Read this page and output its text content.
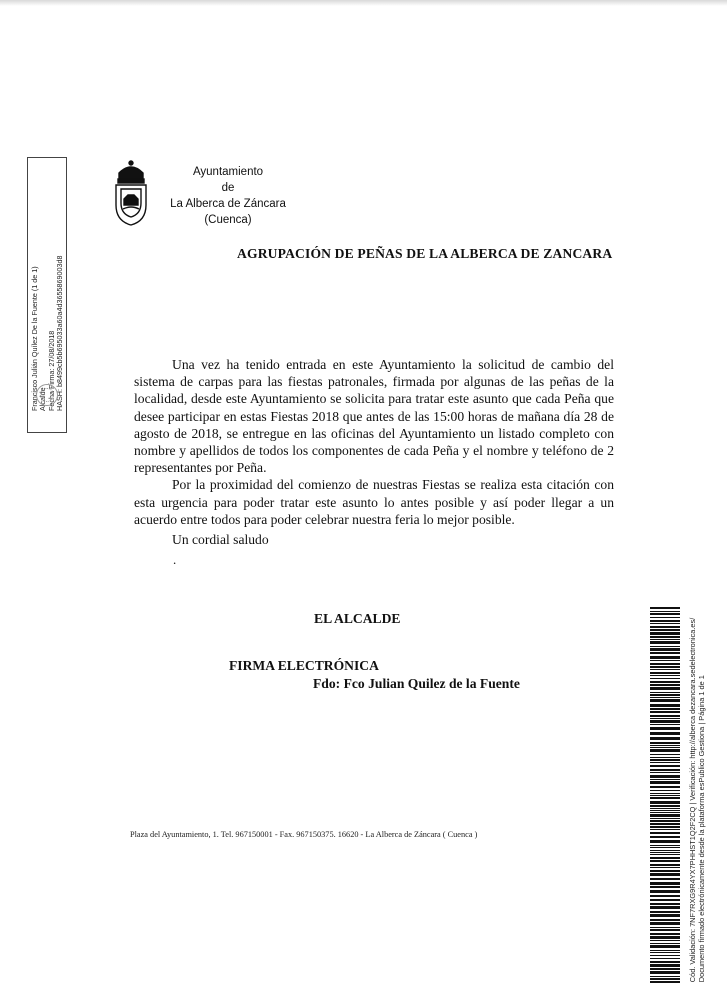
Francisco Julián Quílez De la Fuente (1 de 1) Alcalde Fecha Firma: 27/08/2018 HASH: b8499cb5b695033a60a4d3655869003d8
Ayuntamiento
de
La Alberca de Záncara
(Cuenca)
AGRUPACIÓN DE PEÑAS DE LA ALBERCA DE ZANCARA

Una vez ha tenido entrada en este Ayuntamiento la solicitud de cambio del sistema de carpas para las fiestas patronales, firmada por algunas de las peñas de la localidad, desde este Ayuntamiento se solicita para tratar este asunto que cada Peña que desee participar en estas Fiestas 2018 que antes de las 15:00 horas de mañana día 28 de agosto de 2018, se entregue en las oficinas del Ayuntamiento un listado completo con nombre y apellidos de todos los componentes de cada Peña y el nombre y teléfono de 2 representantes por Peña.

Por la proximidad del comienzo de nuestras Fiestas se realiza esta citación con esta urgencia para poder tratar este asunto lo antes posible y así poder llegar a un acuerdo entre todos para poder celebrar nuestra feria lo mejor posible.

Un cordial saludo
.
EL ALCALDE
FIRMA ELECTRÓNICA
Fdo: Fco Julian Quilez de la Fuente
Plaza del Ayuntamiento, 1. Tel. 967150001 - Fax. 967150375. 16620 - La Alberca de Záncara ( Cuenca )	Cód. Validación: 7NF7RXG9R4YX7PHHST1Q2F2CQ | Verificación: http://alberca dezancara.sedelectronica.es/ Documento firmado electrónicamente desde la plataforma esPublico Gestiona | Página 1 de 1
